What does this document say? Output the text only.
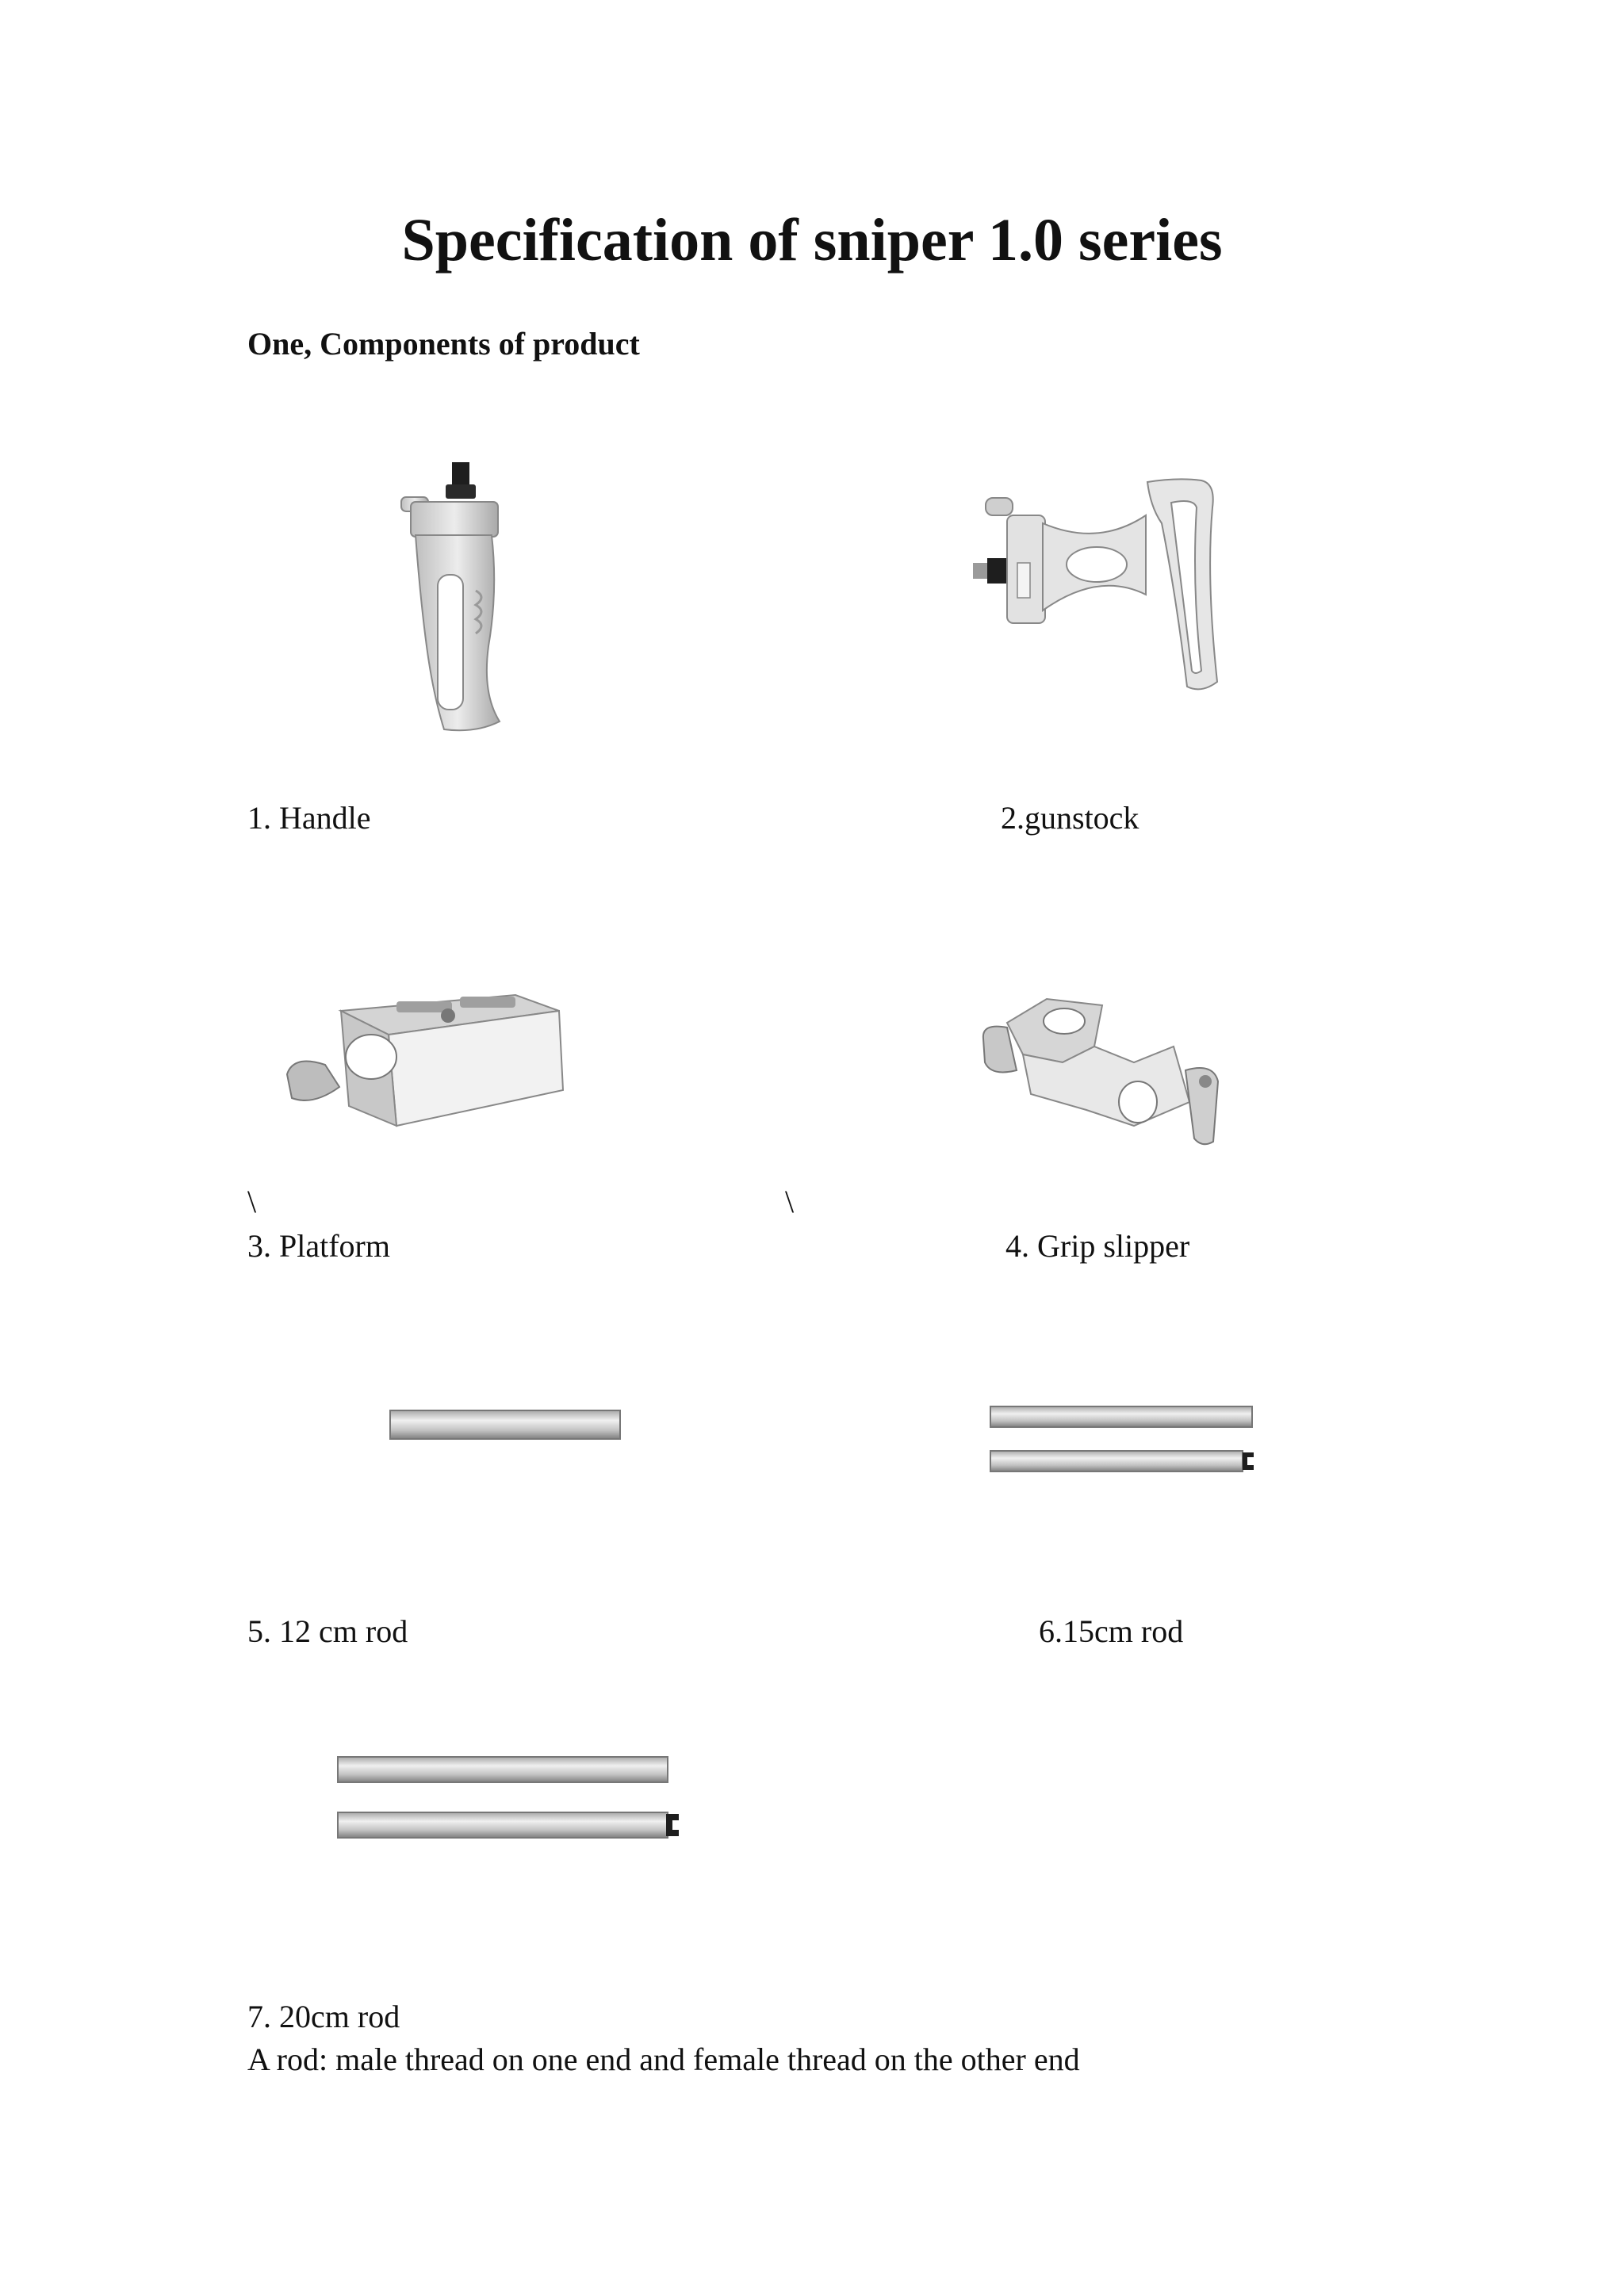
Specification of sniper 1.0 series
One, Components of product
1. Handle	2.gunstock
\	\
3. Platform	4. Grip slipper
5. 12 cm rod	6.15cm rod
7. 20cm rod
A rod: male thread on one end and female thread on the other end
